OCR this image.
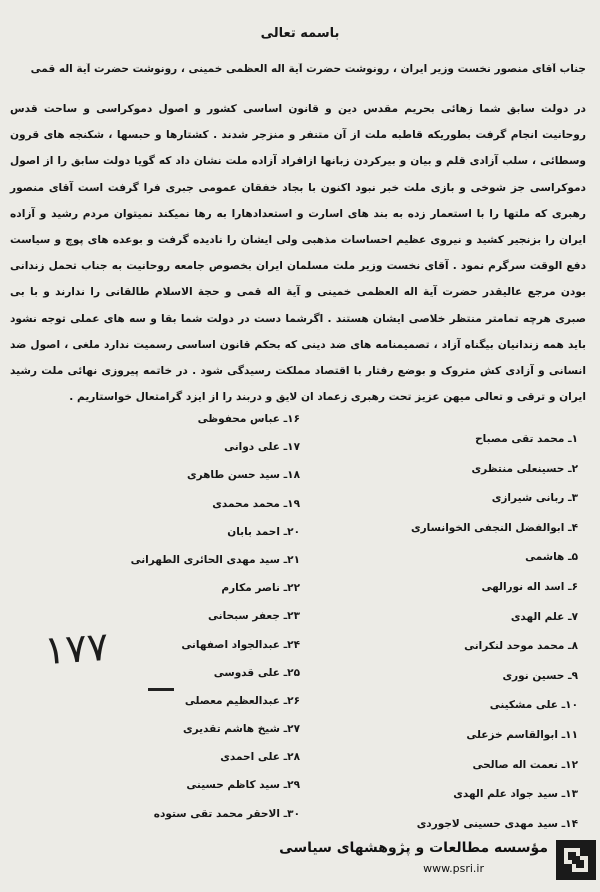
باسمه تعالی
جناب آقای منصور نخست وزیر ایران ، رونوشت حضرت آیة اله العظمی خمینی ، رونوشت حضرت آیة اله قمی
در دولت سابق شما زهائی بحریم مقدس دین و قانون اساسی کشور و اصول دموکراسی و ساحت قدس روحانیت انجام گرفت بطوریکه قاطبه ملت از آن متنفر و منزجر شدند . کشتارها و حبسها ، شکنجه های قرون وسطائی ، سلب آزادی قلم و بیان و بیرکردن زبانها ازافراد آزاده ملت نشان داد که گویا دولت سابق را از اصول دموکراسی جز شوخی و بازی ملت خبر نبود اکنون با بجاد خفقان عمومی جبری فرا گرفت است آقای منصور رهبری که ملتها را با استعمار زده به بند های اسارت و استعدادهارا به رها نمیکند نمیتوان مردم رشید و آزاده ایران را بزنجیر کشید و نیروی عظیم احساسات مذهبی ولی ایشان را نادیده گرفت و بوعده های پوچ و سیاست دفع الوقت سرگرم نمود . آقای نخست وزیر ملت مسلمان ایران بخصوص جامعه روحانیت به جناب تحمل زندانی بودن مرجع عالیقدر حضرت آیة اله العظمی خمینی و آیة اله قمی و حجة الاسلام طالقانی را ندارند و با بی صبری هرچه تمامتر منتظر خلاصی ایشان هستند . اگرشما دست در دولت شما بقا و سه های عملی توجه نشود باید همه زندانیان بیگناه آزاد ، تصمیمنامه های ضد دینی که بحکم قانون اساسی رسمیت ندارد ملغی ، اصول ضد انسانی و آزادی کش متروک و بوضع رفتار با اقتصاد مملکت رسیدگی شود . در خاتمه پیروزی نهائی ملت رشید ایران و ترقی و تعالی میهن عزیز تحت رهبری زعماد ان لایق و دربند را از ایزد گرامتعال خواستاریم .
۱ـ محمد تقی مصباح
۲ـ حسینعلی منتظری
۳ـ ربانی شیرازی
۴ـ ابوالفضل النجفی الخوانساری
۵ـ هاشمی
۶ـ اسد اله نورالهی
۷ـ علم الهدی
۸ـ محمد موحد لنکرانی
۹ـ حسین نوری
۱۰ـ علی مشکینی
۱۱ـ ابوالقاسم خزعلی
۱۲ـ نعمت اله صالحی
۱۳ـ سید جواد علم الهدی
۱۴ـ سید مهدی حسینی لاجوردی
۱۶ـ عباس محفوظی
۱۷ـ علی دوانی
۱۸ـ سید حسن طاهری
۱۹ـ محمد محمدی
۲۰ـ احمد بابان
۲۱ـ سید مهدی الحائری الطهرانی
۲۲ـ ناصر مکارم
۲۳ـ جعفر سبحانی
۲۴ـ عبدالجواد اصفهانی
۲۵ـ علی قدوسی
۲۶ـ عبدالعظیم معصلی
۲۷ـ شیخ هاشم تقدیری
۲۸ـ علی احمدی
۲۹ـ سید کاظم حسینی
۳۰ـ الاحقر محمد تقی ستوده
۱۷۷
مؤسسه مطالعات و پژوهشهای سیاسی
www.psri.ir
